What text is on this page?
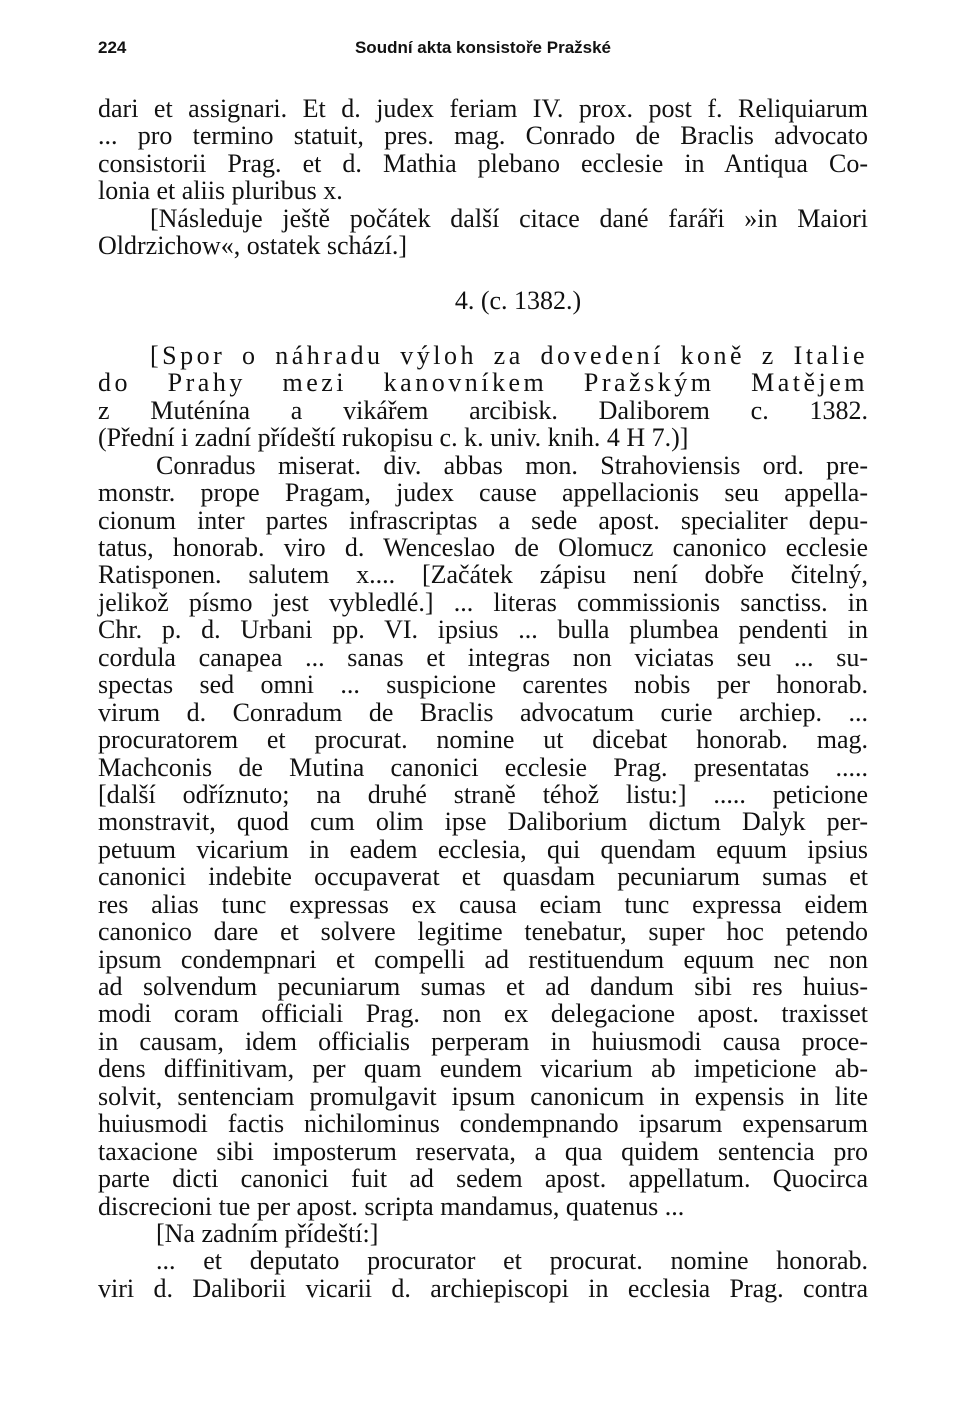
224	Soudní akta konsistoře Pražské
dari et assignari. Et d. judex feriam IV. prox. post f. Reliquiarum
... pro termino statuit, pres. mag. Conrado de Braclis advocato
consistorii Prag. et d. Mathia plebano ecclesie in Antiqua Co-
lonia et aliis pluribus x.
[Následuje ještě počátek další citace dané faráři »in Maiori
Oldrzichow«, ostatek schází.]
4. (c. 1382.)
[Spor o náhradu výloh za dovedení koně z Italie
do Prahy mezi kanovníkem Pražským Matějem
z Muténína a vikářem arcibisk. Daliborem c. 1382.
(Přední i zadní přídeští rukopisu c. k. univ. knih. 4 H 7.)]
Conradus miserat. div. abbas mon. Strahoviensis ord. pre-
monstr. prope Pragam, judex cause appellacionis seu appella-
cionum inter partes infrascriptas a sede apost. specialiter depu-
tatus, honorab. viro d. Wenceslao de Olomucz canonico ecclesie
Ratisponen. salutem x.... [Začátek zápisu není dobře čitelný,
jelikož písmo jest vybledlé.] ... literas commissionis sanctiss. in
Chr. p. d. Urbani pp. VI. ipsius ... bulla plumbea pendenti in
cordula canapea ... sanas et integras non viciatas seu ... su-
spectas sed omni ... suspicione carentes nobis per honorab.
virum d. Conradum de Braclis advocatum curie archiep. ...
procuratorem et procurat. nomine ut dicebat honorab. mag.
Machconis de Mutina canonici ecclesie Prag. presentatas .....
[další odříznuto; na druhé straně téhož listu:] ..... peticione
monstravit, quod cum olim ipse Daliborium dictum Dalyk per-
petuum vicarium in eadem ecclesia, qui quendam equum ipsius
canonici indebite occupaverat et quasdam pecuniarum sumas et
res alias tunc expressas ex causa eciam tunc expressa eidem
canonico dare et solvere legitime tenebatur, super hoc petendo
ipsum condempnari et compelli ad restituendum equum nec non
ad solvendum pecuniarum sumas et ad dandum sibi res huius-
modi coram officiali Prag. non ex delegacione apost. traxisset
in causam, idem officialis perperam in huiusmodi causa proce-
dens diffinitivam, per quam eundem vicarium ab impeticione ab-
solvit, sentenciam promulgavit ipsum canonicum in expensis in lite
huiusmodi factis nichilominus condempnando ipsarum expensarum
taxacione sibi imposterum reservata, a qua quidem sentencia pro
parte dicti canonici fuit ad sedem apost. appellatum. Quocirca
discrecioni tue per apost. scripta mandamus, quatenus ...
[Na zadním přídeští:]
... et deputato procurator et procurat. nomine honorab.
viri d. Daliborii vicarii d. archiepiscopi in ecclesia Prag. contra
